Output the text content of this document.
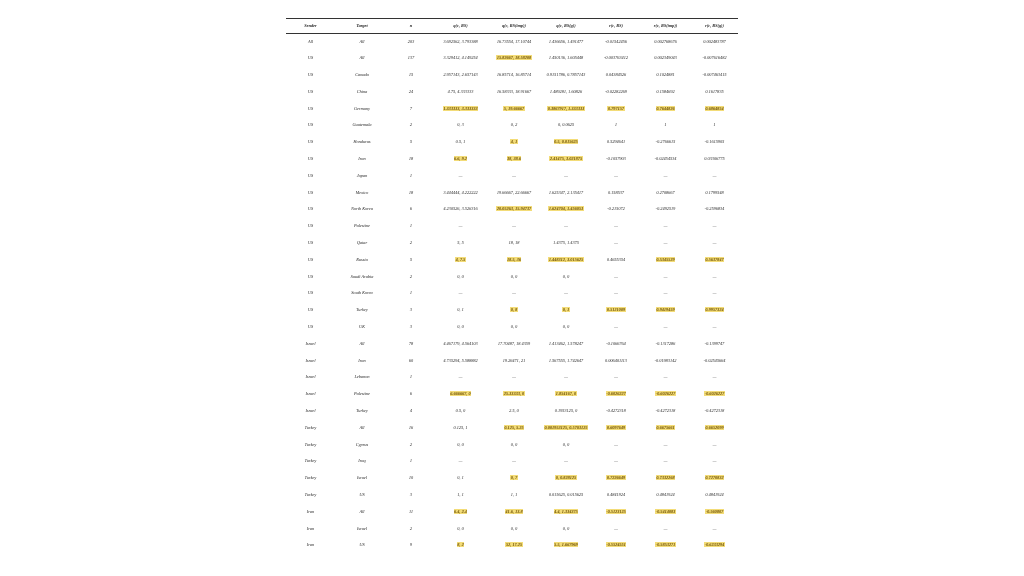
Sender	Target	n	q(c, RS)	q(c, RS(imp))	q(c, RS(g))	r(c, RS)	r(c, RS(imp))	r(c, RS(g))
All	All	203	3.692562, 3.793388	16.73554, 17.10744	1.436656, 1.491477	-0.01542456	0.002768676	0.002483787
US	All	137	3.329412, 4.149254	15.82667, 18.58208	1.450136, 1.605448	-0.003763412	0.002349043	-0.007616482
US	Canada	15	2.957143, 2.657143	16.85714, 16.85714	0.9151786, 0.7857143	0.04384526	0.1024881	-0.007463415
US	China	24	4.75, 4.333333	16.58333, 18.91667	1.489281, 1.60826	-0.02282269	0.1584692	0.1617835
US	Germany	7	1.333333, 3.333333	5, 19.66667	0.3867917, 1.333333	0.797157	0.7644826	0.6864854
US	Guatemala	2	0, 3	0, 2	0, 0.0625	1	1	1
US	Honduras	5	0.5, 1	4, 1	0.5, 0.015625	0.5294641	-0.2766615	-0.1615905
US	Iran	18	6.6, 9.2	38, 38.6	2.41475, 3.021875	-0.1057903	-0.02454534	0.03306775
US	Japan	1	—	—	—	—	—	—
US	Mexico	18	3.444444, 4.222222	19.66667, 22.66667	1.625347, 2.135417	0.158537	0.2708667	0.1799548
US	North Korea	6	4.230526, 3.526316	20.05263, 15.94737	1.624704, 1.456053	-0.215072	-0.2492519	-0.2596834
US	Palestine	1	—	—	—	—	—	—
US	Qatar	2	5, 5	18, 18	1.4375, 1.4375	—	—	—
US	Russia	5	4, 7.5	18.5, 36	1.448312, 3.015625	0.4655354	0.5345529	0.5637847
US	Saudi Arabia	2	0, 0	0, 0	0, 0	—	—	—
US	South Korea	1	—	—	—	—	—	—
US	Turkey	3	0, 1	0, 8	0, 1	0.5121009	0.9419459	0.9957324
US	UK	3	0, 0	0, 0	0, 0	—	—	—
Israel	All	78	4.467179, 4.564103	17.70487, 18.4359	1.413462, 1.578247	-0.1066764	-0.1317286	-0.1399747
Israel	Iran	60	4.735294, 5.588882	19.26471, 21	1.567555, 1.742647	0.006401113	-0.01983142	-0.02545664
Israel	Lebanon	1	—	—	—	—	—	—
Israel	Palestine	6	6.666667, 0	25.33333, 0	1.854167, 0	-0.6026227	-0.6026227	-0.6026227
Israel	Turkey	4	0.5, 0	2.5, 0	0.1953125, 0	-0.4272318	-0.4272318	-0.4272318
Turkey	All	16	0.125, 1	0.125, 5.25	0.001953125, 0.5703125	0.6097649	0.6675661	0.6652099
Turkey	Cyprus	2	0, 0	0, 0	0, 0	—	—	—
Turkey	Iraq	1	—	—	—	—	—	—
Turkey	Israel	10	0, 1	0, 7	0, 0.828125	0.7226649	0.7332268	0.7270832
Turkey	US	3	1, 1	1, 1	0.015625, 0.015625	0.4841924	0.4841924	0.4841924
Iran	All	11	6.4, 2.4	41.6, 13.8	4.4, 1.334375	-0.5123125	-0.5414083	-0.560807
Iran	Israel	2	0, 0	0, 0	0, 0	—	—	—
Iran	US	9	8, 2	52, 17.25	5.5, 1.667969	-0.5524551	-0.5853271	-0.6233294
